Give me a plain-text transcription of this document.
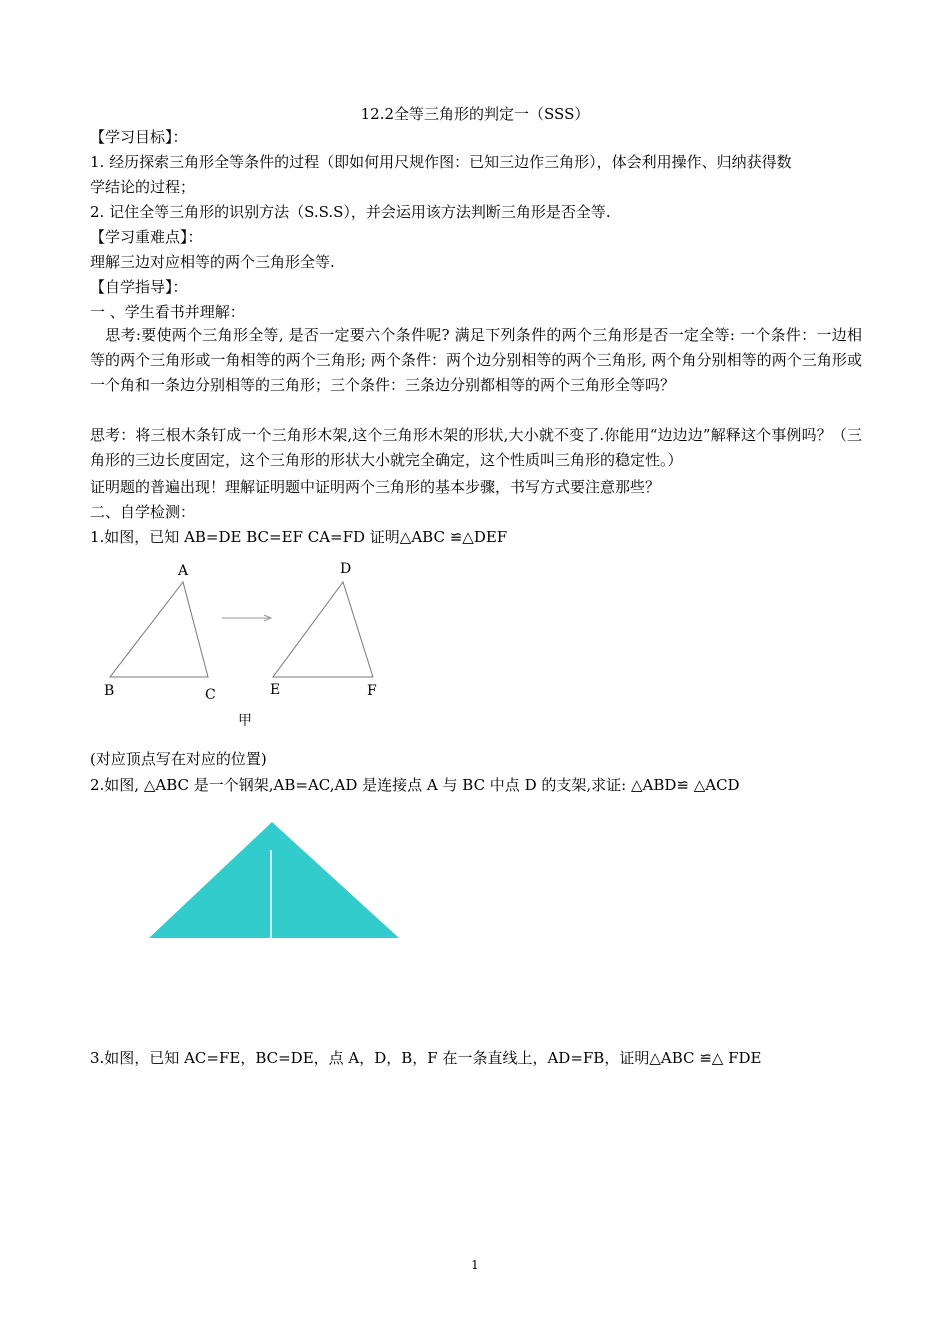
12.2全等三角形的判定一（SSS）
【学习目标】：
1. 经历探索三角形全等条件的过程（即如何用尺规作图：已知三边作三角形），体会利用操作、归纳获得数
学结论的过程；
2. 记住全等三角形的识别方法（S.S.S），并会运用该方法判断三角形是否全等.
【学习重难点】：
理解三边对应相等的两个三角形全等.
【自学指导】：
一 、学生看书并理解：
　思考:要使两个三角形全等, 是否一定要六个条件呢? 满足下列条件的两个三角形是否一定全等: 一个条件：一边相等的两个三角形或一角相等的两个三角形; 两个条件：两个边分别相等的两个三角形, 两个角分别相等的两个三角形或一个角和一条边分别相等的三角形；三个条件：三条边分别都相等的两个三角形全等吗？
思考：将三根木条钉成一个三角形木架,这个三角形木架的形状,大小就不变了.你能用“边边边”解释这个事例吗？（三角形的三边长度固定，这个三角形的形状大小就完全确定，这个性质叫三角形的稳定性。）
证明题的普遍出现！理解证明题中证明两个三角形的基本步骤，书写方式要注意那些？
二、自学检测：
1.如图，已知 AB=DE BC=EF CA=FD 证明△ABC ≌△DEF
A
B	C
D
E	F
甲
(对应顶点写在对应的位置)
2.如图, △ABC 是一个钢架,AB=AC,AD 是连接点 A 与 BC 中点 D 的支架,求证: △ABD≌ △ACD
3.如图，已知 AC=FE，BC=DE，点 A，D，B，F 在一条直线上，AD=FB，证明△ABC ≌△ FDE
1
